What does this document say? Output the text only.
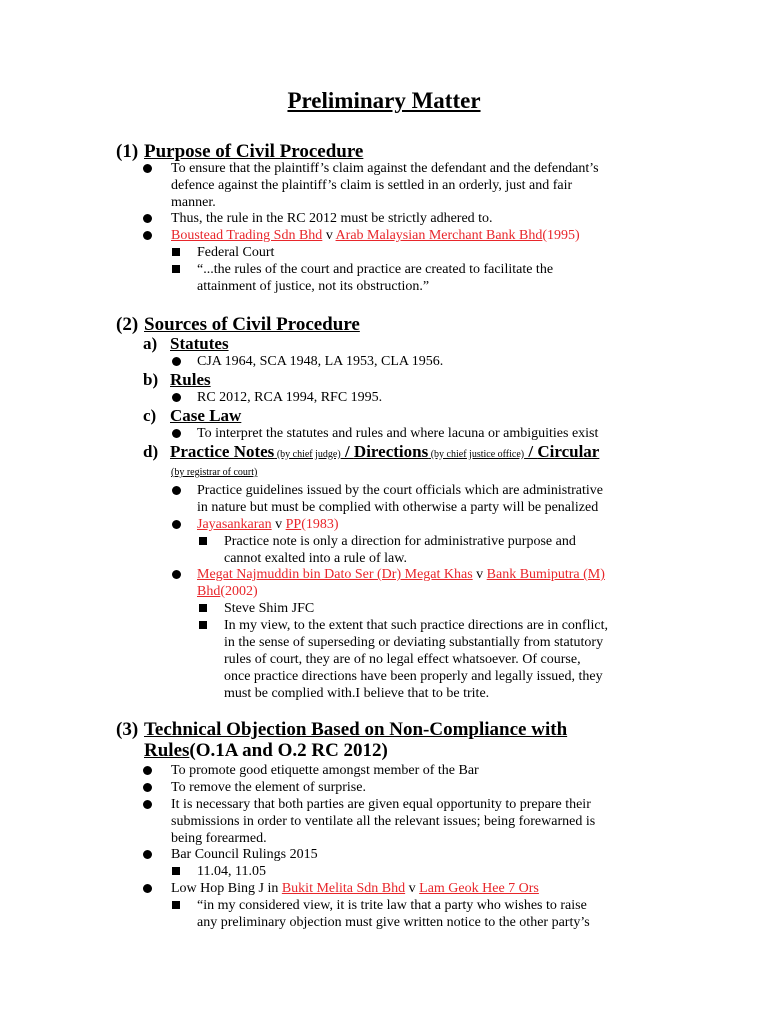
Preliminary Matter
(1) Purpose of Civil Procedure
To ensure that the plaintiff’s claim against the defendant and the defendant’s
defence against the plaintiff’s claim is settled in an orderly, just and fair
manner.
Thus, the rule in the RC 2012 must be strictly adhered to.
Boustead Trading Sdn Bhd v Arab Malaysian Merchant Bank Bhd(1995)
Federal Court
“...the rules of the court and practice are created to facilitate the
attainment of justice, not its obstruction.”
(2) Sources of Civil Procedure
a) Statutes
CJA 1964, SCA 1948, LA 1953, CLA 1956.
b) Rules
RC 2012, RCA 1994, RFC 1995.
c) Case Law
To interpret the statutes and rules and where lacuna or ambiguities exist
d) Practice Notes (by chief judge) / Directions (by chief justice office) / Circular
(by registrar of court)
Practice guidelines issued by the court officials which are administrative
in nature but must be complied with otherwise a party will be penalized
Jayasankaran v PP(1983)
Practice note is only a direction for administrative purpose and
cannot exalted into a rule of law.
Megat Najmuddin bin Dato Ser (Dr) Megat Khas v Bank Bumiputra (M)
Bhd(2002)
Steve Shim JFC
In my view, to the extent that such practice directions are in conflict,
in the sense of superseding or deviating substantially from statutory
rules of court, they are of no legal effect whatsoever. Of course,
once practice directions have been properly and legally issued, they
must be complied with.I believe that to be trite.
(3) Technical Objection Based on Non-Compliance with
Rules(O.1A and O.2 RC 2012)
To promote good etiquette amongst member of the Bar
To remove the element of surprise.
It is necessary that both parties are given equal opportunity to prepare their
submissions in order to ventilate all the relevant issues; being forewarned is
being forearmed.
Bar Council Rulings 2015
11.04, 11.05
Low Hop Bing J in Bukit Melita Sdn Bhd v Lam Geok Hee 7 Ors
“in my considered view, it is trite law that a party who wishes to raise
any preliminary objection must give written notice to the other party’s
